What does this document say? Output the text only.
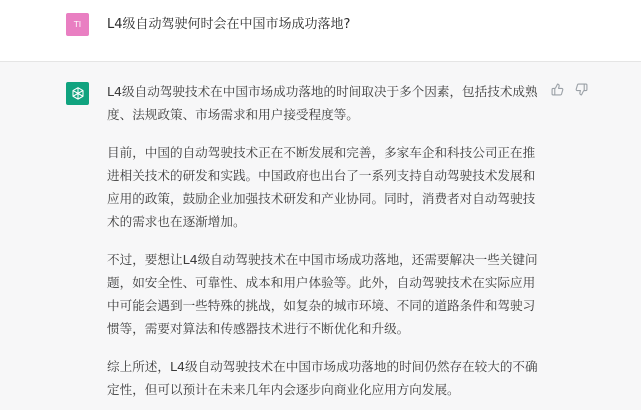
TI	L4级自动驾驶何时会在中国市场成功落地?

L4级自动驾驶技术在中国市场成功落地的时间取决于多个因素，包括技术成熟度、法规政策、市场需求和用户接受程度等。

目前，中国的自动驾驶技术正在不断发展和完善，多家车企和科技公司正在推进相关技术的研发和实践。中国政府也出台了一系列支持自动驾驶技术发展和应用的政策，鼓励企业加强技术研发和产业协同。同时，消费者对自动驾驶技术的需求也在逐渐增加。

不过，要想让L4级自动驾驶技术在中国市场成功落地，还需要解决一些关键问题，如安全性、可靠性、成本和用户体验等。此外，自动驾驶技术在实际应用中可能会遇到一些特殊的挑战，如复杂的城市环境、不同的道路条件和驾驶习惯等，需要对算法和传感器技术进行不断优化和升级。

综上所述，L4级自动驾驶技术在中国市场成功落地的时间仍然存在较大的不确定性，但可以预计在未来几年内会逐步向商业化应用方向发展。
